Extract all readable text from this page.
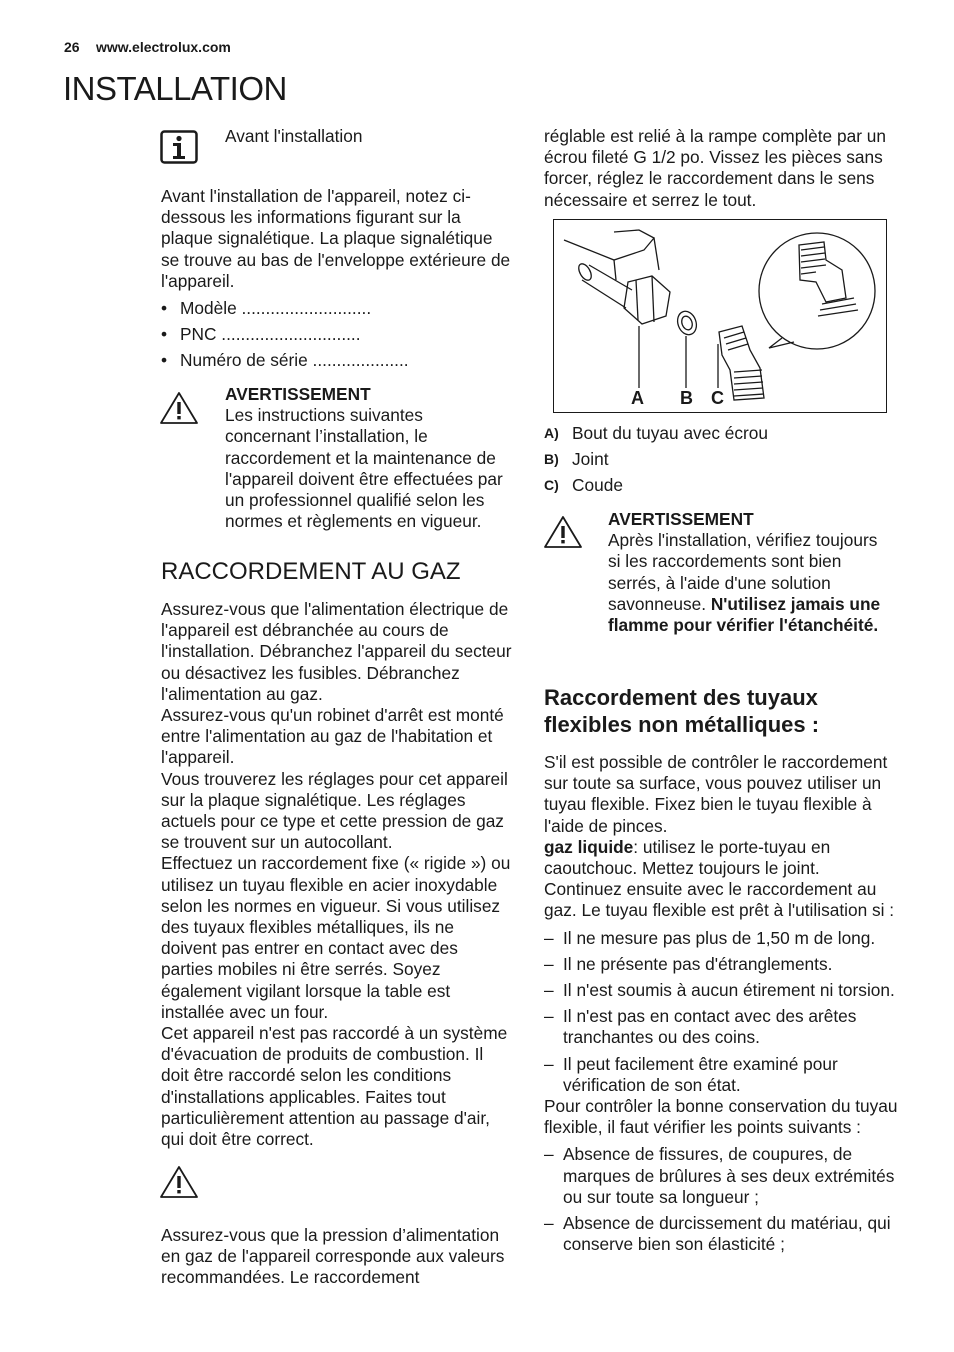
26 www.electrolux.com
INSTALLATION
Avant l'installation

Avant l'installation de l'appareil, notez ci-dessous les informations figurant sur la plaque signalétique. La plaque signalétique se trouve au bas de l'enveloppe extérieure de l'appareil.

• Modèle ...........................
• PNC .............................
• Numéro de série ....................

AVERTISSEMENT

Les instructions suivantes concernant l’installation, le raccordement et la maintenance de l'appareil doivent être effectuées par un professionnel qualifié selon les normes et règlements en vigueur.

RACCORDEMENT AU GAZ

Assurez-vous que l'alimentation électrique de l'appareil est débranchée au cours de l'installation. Débranchez l'appareil du secteur ou désactivez les fusibles. Débranchez l'alimentation au gaz.

Assurez-vous qu'un robinet d'arrêt est monté entre l'alimentation au gaz de l'habitation et l'appareil.

Vous trouverez les réglages pour cet appareil sur la plaque signalétique. Les réglages actuels pour ce type et cette pression de gaz se trouvent sur un autocollant.

Effectuez un raccordement fixe (« rigide ») ou utilisez un tuyau flexible en acier inoxydable selon les normes en vigueur. Si vous utilisez des tuyaux flexibles métalliques, ils ne doivent pas entrer en contact avec des parties mobiles ni être serrés. Soyez également vigilant lorsque la table est installée avec un four.

Cet appareil n'est pas raccordé à un système d'évacuation de produits de combustion. Il doit être raccordé selon les conditions d'installations applicables. Faites tout particulièrement attention au passage d'air, qui doit être correct.

Assurez-vous que la pression d’alimentation en gaz de l'appareil corresponde aux valeurs recommandées. Le raccordement

réglable est relié à la rampe complète par un écrou fileté G 1/2 po. Vissez les pièces sans forcer, réglez le raccordement dans le sens nécessaire et serrez le tout.

A B C
A) Bout du tuyau avec écrou
B) Joint
C) Coude

AVERTISSEMENT

Après l'installation, vérifiez toujours si les raccordements sont bien serrés, à l'aide d'une solution savonneuse. N'utilisez jamais une flamme pour vérifier l'étanchéité.

Raccordement des tuyaux flexibles non métalliques :

S'il est possible de contrôler le raccordement sur toute sa surface, vous pouvez utiliser un tuyau flexible. Fixez bien le tuyau flexible à l'aide de pinces.

gaz liquide: utilisez le porte-tuyau en caoutchouc. Mettez toujours le joint. Continuez ensuite avec le raccordement au gaz. Le tuyau flexible est prêt à l'utilisation si :

– Il ne mesure pas plus de 1,50 m de long.
– Il ne présente pas d'étranglements.
– Il n'est soumis à aucun étirement ni torsion.
– Il n'est pas en contact avec des arêtes tranchantes ou des coins.
– Il peut facilement être examiné pour vérification de son état.

Pour contrôler la bonne conservation du tuyau flexible, il faut vérifier les points suivants :

– Absence de fissures, de coupures, de marques de brûlures à ses deux extrémités ou sur toute sa longueur ;
– Absence de durcissement du matériau, qui conserve bien son élasticité ;
